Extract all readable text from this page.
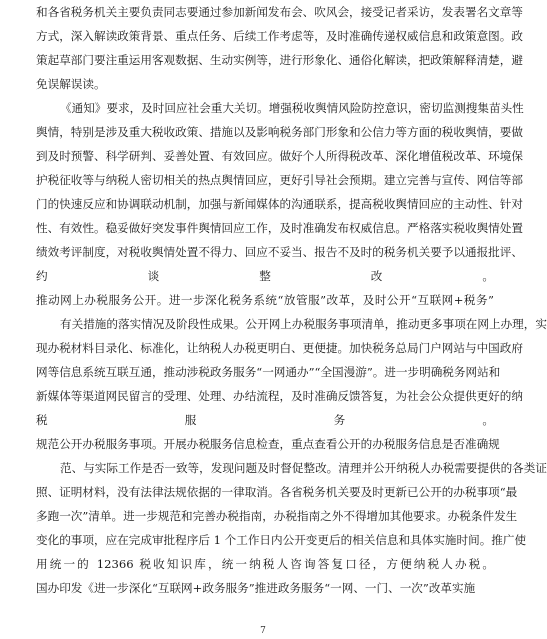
和各省税务机关主要负责同志要通过参加新闻发布会、吹风会，接受记者采访，发表署名文章等
方式，深入解读政策背景、重点任务、后续工作考虑等，及时准确传递权威信息和政策意图。政
策起草部门要注重运用客观数据、生动实例等，进行形象化、通俗化解读，把政策解释清楚，避
免误解误读。
《通知》要求，及时回应社会重大关切。增强税收舆情风险防控意识，密切监测搜集苗头性
舆情，特别是涉及重大税收政策、措施以及影响税务部门形象和公信力等方面的税收舆情，要做
到及时预警、科学研判、妥善处置、有效回应。做好个人所得税改革、深化增值税改革、环境保
护税征收等与纳税人密切相关的热点舆情回应，更好引导社会预期。建立完善与宣传、网信等部
门的快速反应和协调联动机制，加强与新闻媒体的沟通联系，提高税收舆情回应的主动性、针对
性、有效性。稳妥做好突发事件舆情回应工作，及时准确发布权威信息。严格落实税收舆情处置
绩效考评制度，对税收舆情处置不得力、回应不妥当、报告不及时的税务机关要予以通报批评、
约谈整改。
推动网上办税服务公开。进一步深化税务系统“放管服”改革，及时公开“互联网+税务”
有关措施的落实情况及阶段性成果。公开网上办税服务事项清单，推动更多事项在网上办理，实
现办税材料目录化、标准化，让纳税人办税更明白、更便捷。加快税务总局门户网站与中国政府
网等信息系统互联互通，推动涉税政务服务“一网通办”“全国漫游”。进一步明确税务网站和
新媒体等渠道网民留言的受理、处理、办结流程，及时准确反馈答复，为社会公众提供更好的纳
税服务。
规范公开办税服务事项。开展办税服务信息检查，重点查看公开的办税服务信息是否准确规
范、与实际工作是否一致等，发现问题及时督促整改。清理并公开纳税人办税需要提供的各类证
照、证明材料，没有法律法规依据的一律取消。各省税务机关要及时更新已公开的办税事项“最
多跑一次”清单。进一步规范和完善办税指南，办税指南之外不得增加其他要求。办税条件发生
变化的事项，应在完成审批程序后 1 个工作日内公开变更后的相关信息和具体实施时间。推广使
用统一的 12366 税收知识库，统一纳税人咨询答复口径，方便纳税人办税。
国办印发《进一步深化“互联网+政务服务”推进政务服务“一网、一门、一次”改革实施
7
